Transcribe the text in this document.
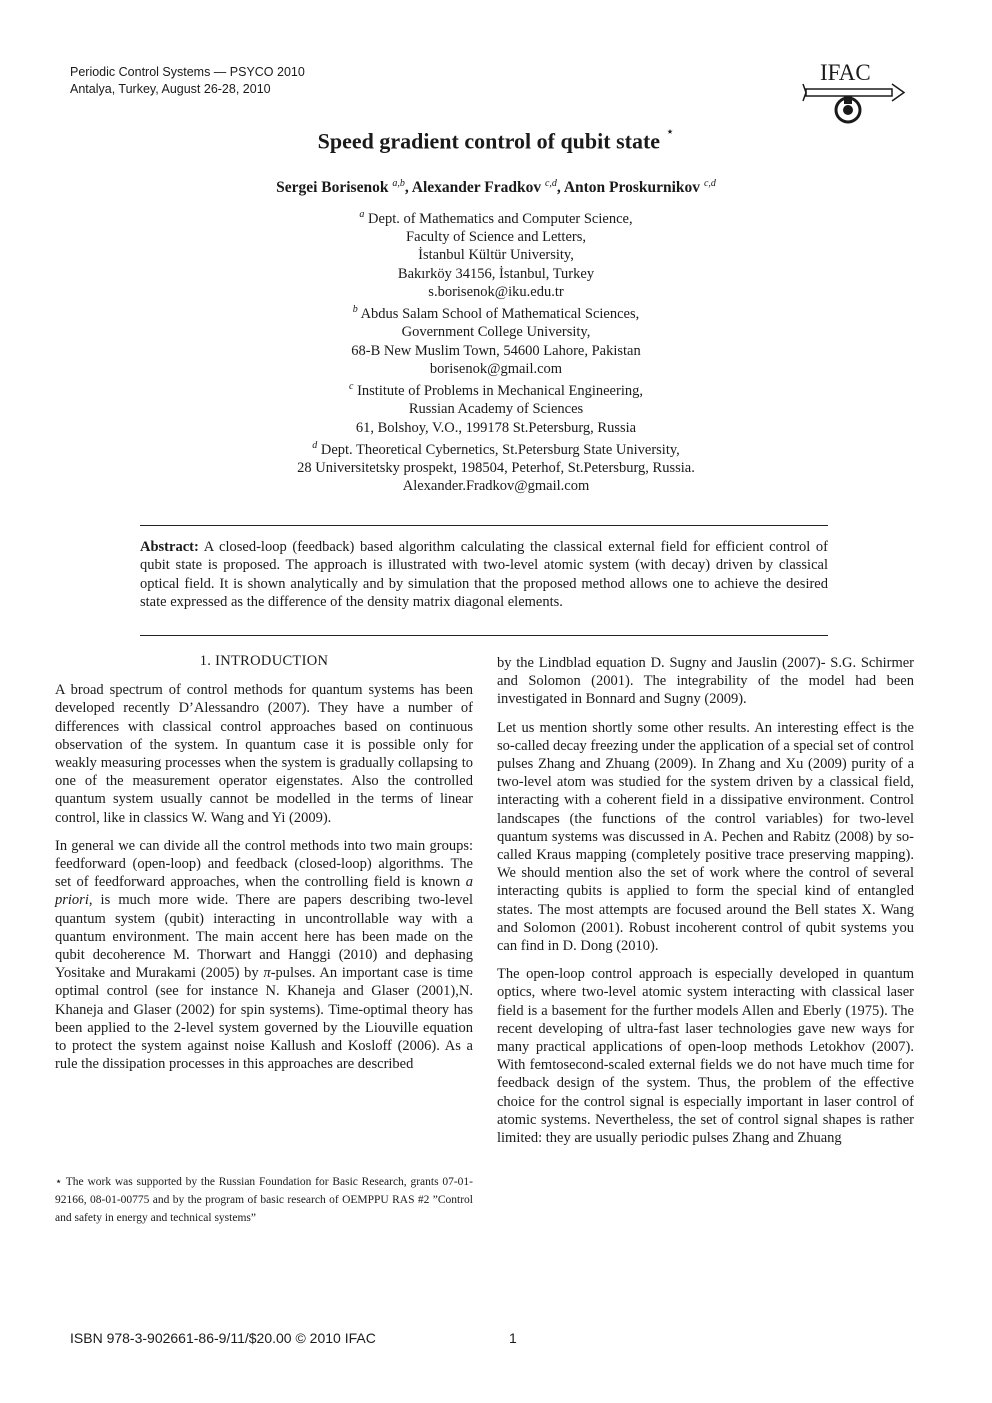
Periodic Control Systems — PSYCO 2010
Antalya, Turkey, August 26-28, 2010
IFAC
Speed gradient control of qubit state ⋆
Sergei Borisenok $^{a,b}$, Alexander Fradkov $^{c,d}$, Anton Proskurnikov $^{c,d}$
$^a$ Dept. of Mathematics and Computer Science,
Faculty of Science and Letters,
İstanbul Kültür University,
Bakırköy 34156, İstanbul, Turkey
s.borisenok@iku.edu.tr
$^b$ Abdus Salam School of Mathematical Sciences,
Government College University,
68-B New Muslim Town, 54600 Lahore, Pakistan
borisenok@gmail.com
$^c$ Institute of Problems in Mechanical Engineering,
Russian Academy of Sciences
61, Bolshoy, V.O., 199178 St.Petersburg, Russia
$^d$ Dept. Theoretical Cybernetics, St.Petersburg State University,
28 Universitetsky prospekt, 198504, Peterhof, St.Petersburg, Russia.
Alexander.Fradkov@gmail.com
Abstract: A closed-loop (feedback) based algorithm calculating the classical external field for efficient control of qubit state is proposed. The approach is illustrated with two-level atomic system (with decay) driven by classical optical field. It is shown analytically and by simulation that the proposed method allows one to achieve the desired state expressed as the difference of the density matrix diagonal elements.

1. INTRODUCTION

A broad spectrum of control methods for quantum systems has been developed recently D’Alessandro (2007). They have a number of differences with classical control approaches based on continuous observation of the system. In quantum case it is possible only for weakly measuring processes when the system is gradually collapsing to one of the measurement operator eigenstates. Also the controlled quantum system usually cannot be modelled in the terms of linear control, like in classics W. Wang and Yi (2009).

In general we can divide all the control methods into two main groups: feedforward (open-loop) and feedback (closed-loop) algorithms. The set of feedforward approaches, when the controlling field is known a priori, is much more wide. There are papers describing two-level quantum system (qubit) interacting in uncontrollable way with a quantum environment. The main accent here has been made on the qubit decoherence M. Thorwart and Hanggi (2010) and dephasing Yositake and Murakami (2005) by π-pulses. An important case is time optimal control (see for instance N. Khaneja and Glaser (2001),N. Khaneja and Glaser (2002) for spin systems). Time-optimal theory has been applied to the 2-level system governed by the Liouville equation to protect the system against noise Kallush and Kosloff (2006). As a rule the dissipation processes in this approaches are described

⋆ The work was supported by the Russian Foundation for Basic Research, grants 07-01-92166, 08-01-00775 and by the program of basic research of OEMPPU RAS #2 ”Control and safety in energy and technical systems”

by the Lindblad equation D. Sugny and Jauslin (2007)- S.G. Schirmer and Solomon (2001). The integrability of the model had been investigated in Bonnard and Sugny (2009).

Let us mention shortly some other results. An interesting effect is the so-called decay freezing under the application of a special set of control pulses Zhang and Zhuang (2009). In Zhang and Xu (2009) purity of a two-level atom was studied for the system driven by a classical field, interacting with a coherent field in a dissipative environment. Control landscapes (the functions of the control variables) for two-level quantum systems was discussed in A. Pechen and Rabitz (2008) by so-called Kraus mapping (completely positive trace preserving mapping). We should mention also the set of work where the control of several interacting qubits is applied to form the special kind of entangled states. The most attempts are focused around the Bell states X. Wang and Solomon (2001). Robust incoherent control of qubit systems you can find in D. Dong (2010).

The open-loop control approach is especially developed in quantum optics, where two-level atomic system interacting with classical laser field is a basement for the further models Allen and Eberly (1975). The recent developing of ultra-fast laser technologies gave new ways for many practical applications of open-loop methods Letokhov (2007). With femtosecond-scaled external fields we do not have much time for feedback design of the system. Thus, the problem of the effective choice for the control signal is especially important in laser control of atomic systems. Nevertheless, the set of control signal shapes is rather limited: they are usually periodic pulses Zhang and Zhuang

ISBN 978-3-902661-86-9/11/$20.00 © 2010 IFAC	1
